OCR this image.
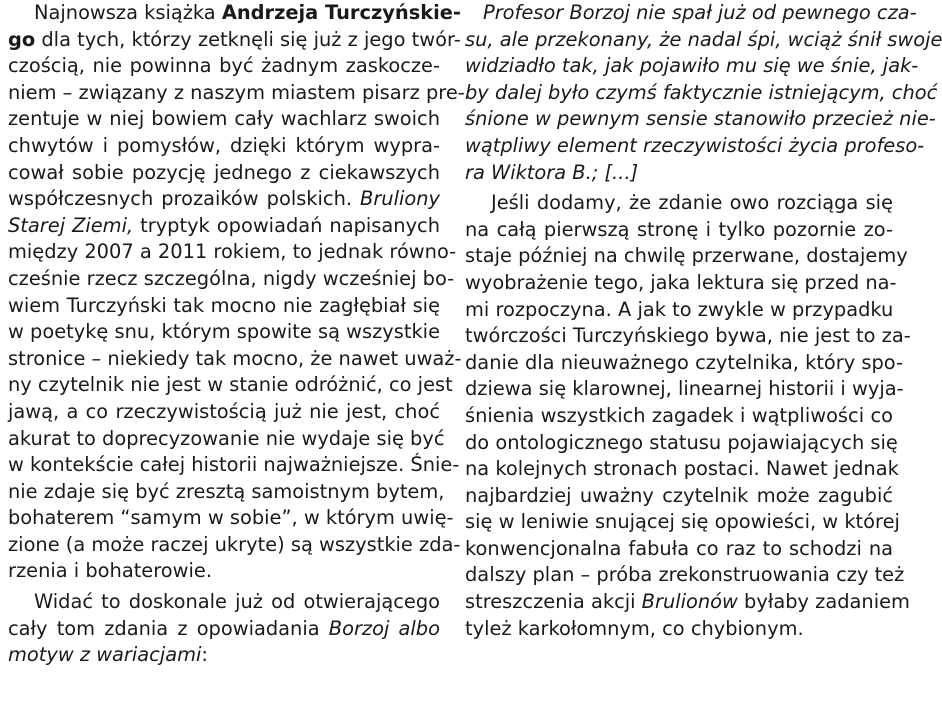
Najnowsza książka Andrzeja Turczyńskie-
go dla tych, którzy zetknęli się już z jego twór-
czością, nie powinna być żadnym zaskocze-
niem – związany z naszym miastem pisarz pre-
zentuje w niej bowiem cały wachlarz swoich
chwytów i pomysłów, dzięki którym wypra-
cował sobie pozycję jednego z ciekawszych
współczesnych prozaików polskich. Bruliony
Starej Ziemi, tryptyk opowiadań napisanych
między 2007 a 2011 rokiem, to jednak równo-
cześnie rzecz szczególna, nigdy wcześniej bo-
wiem Turczyński tak mocno nie zagłębiał się
w poetykę snu, którym spowite są wszystkie
stronice – niekiedy tak mocno, że nawet uważ-
ny czytelnik nie jest w stanie odróżnić, co jest
jawą, a co rzeczywistością już nie jest, choć
akurat to doprecyzowanie nie wydaje się być
w kontekście całej historii najważniejsze. Śnie-
nie zdaje się być zresztą samoistnym bytem,
bohaterem “samym w sobie”, w którym uwię-
zione (a może raczej ukryte) są wszystkie zda-
rzenia i bohaterowie.
Widać to doskonale już od otwierającego
cały tom zdania z opowiadania Borzoj albo
motyw z wariacjami:
Profesor Borzoj nie spał już od pewnego cza-
su, ale przekonany, że nadal śpi, wciąż śnił swoje
widziadło tak, jak pojawiło mu się we śnie, jak-
by dalej było czymś faktycznie istniejącym, choć
śnione w pewnym sensie stanowiło przecież nie-
wątpliwy element rzeczywistości życia profeso-
ra Wiktora B.; [...]
Jeśli dodamy, że zdanie owo rozciąga się
na całą pierwszą stronę i tylko pozornie zo-
staje później na chwilę przerwane, dostajemy
wyobrażenie tego, jaka lektura się przed na-
mi rozpoczyna. A jak to zwykle w przypadku
twórczości Turczyńskiego bywa, nie jest to za-
danie dla nieuważnego czytelnika, który spo-
dziewa się klarownej, linearnej historii i wyja-
śnienia wszystkich zagadek i wątpliwości co
do ontologicznego statusu pojawiających się
na kolejnych stronach postaci. Nawet jednak
najbardziej uważny czytelnik może zagubić
się w leniwie snującej się opowieści, w której
konwencjonalna fabuła co raz to schodzi na
dalszy plan – próba zrekonstruowania czy też
streszczenia akcji Brulionów byłaby zadaniem
tyleż karkołomnym, co chybionym.
